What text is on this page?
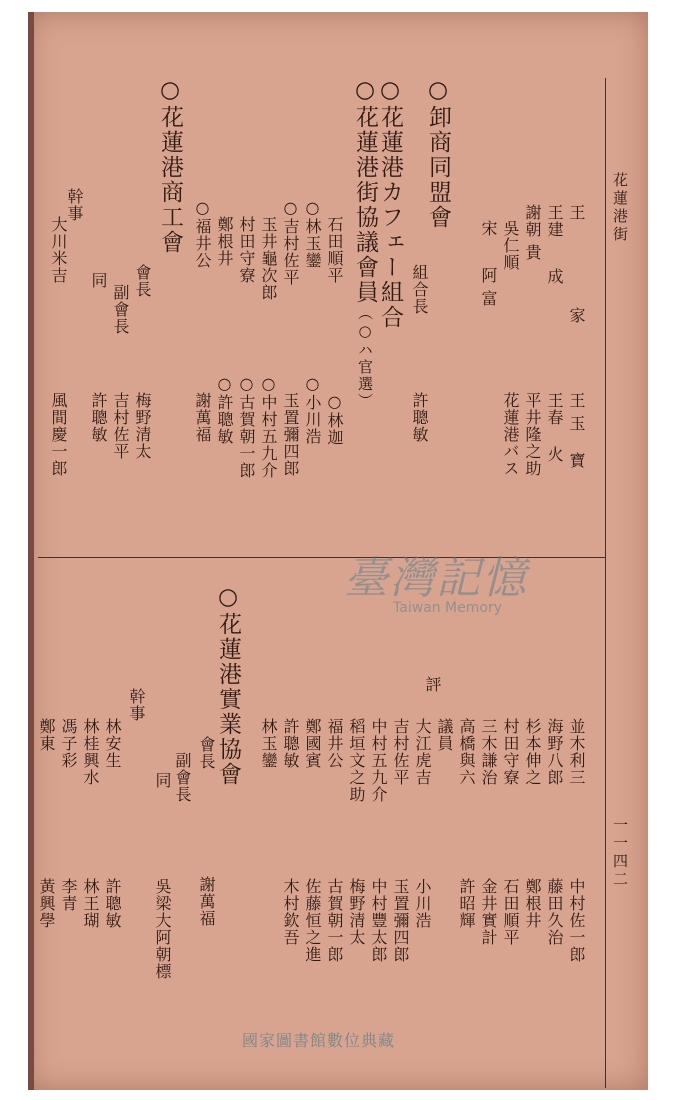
花蓮港街
一一四二
○卸商同盟會	王
家
王建成
謝朝貴
吳仁順
宋阿富
王玉寶
王春火
平井隆之助
花蓮港バス
組合長
許聰敏
○花蓮港カフェー組合
○花蓮港街協議會員（○ハ官選）
石田順平
○林玉鑾
○吉村佐平
玉井龜次郎
村田守寮
鄭根井
○福井公
○林迦
○小川浩
玉置彌四郎
○中村五九介
○古賀朝一郎
○許聰敏
謝萬福
○花蓮港商工會
會長
梅野清太
副會長
吉村佐平
同
許聰敏
幹事
大川米吉
風間慶一郎
○花蓮港實業協會	並木利三
中村佐一郎
海野八郎
藤田久治
杉本伸之
鄭根井
村田守寮
石田順平
三木謙治
金井實計
高橋與六
許昭輝
議員
大江虎吉
小川浩
吉村佐平
玉置彌四郎
中村五九介
中村豐太郎
稻垣文之助
梅野清太
福井公
古賀朝一郎
鄭國賓
佐藤恒之進
許聰敏
木村欽吾
林玉鑾
評
會長
謝萬福
副會長
吳梁大阿朝標
同
幹事
林安生
許聰敏
林桂興水
林王瑚
馮子彩
李青
鄭東
黃興學
臺灣記憶
Taiwan Memory
國家圖書館數位典藏
